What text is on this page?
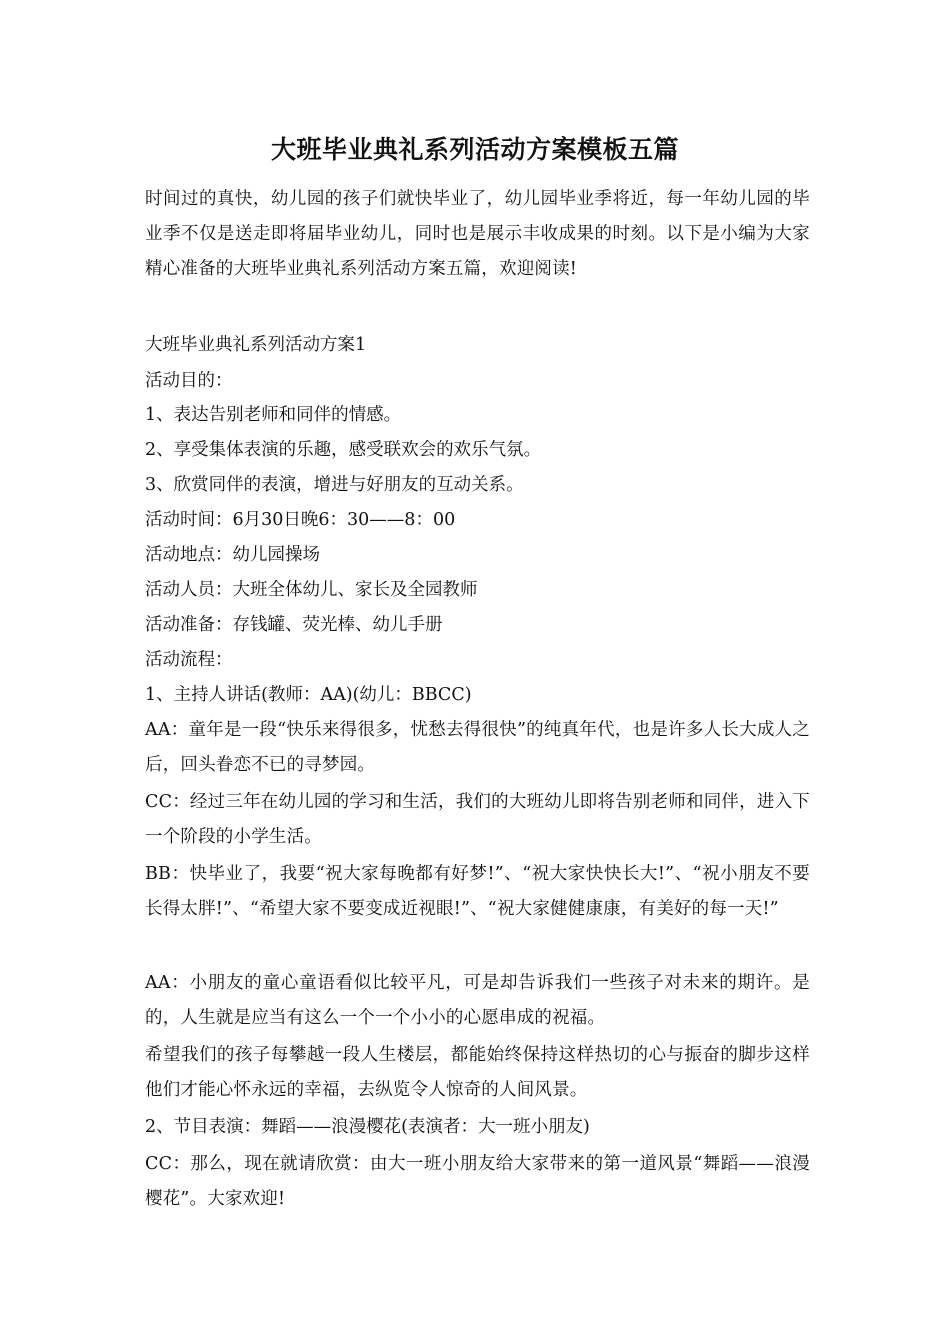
大班毕业典礼系列活动方案模板五篇

时间过的真快，幼儿园的孩子们就快毕业了，幼儿园毕业季将近，每一年幼儿园的毕业季不仅是送走即将届毕业幼儿，同时也是展示丰收成果的时刻。以下是小编为大家精心准备的大班毕业典礼系列活动方案五篇，欢迎阅读!

大班毕业典礼系列活动方案1

活动目的：

1、表达告别老师和同伴的情感。

2、享受集体表演的乐趣，感受联欢会的欢乐气氛。

3、欣赏同伴的表演，增进与好朋友的互动关系。

活动时间：6月30日晚6：30——8：00

活动地点：幼儿园操场

活动人员：大班全体幼儿、家长及全园教师

活动准备：存钱罐、荧光棒、幼儿手册

活动流程：

1、主持人讲话(教师：AA)(幼儿：BBCC)

AA：童年是一段“快乐来得很多，忧愁去得很快”的纯真年代，也是许多人长大成人之后，回头眷恋不已的寻梦园。

CC：经过三年在幼儿园的学习和生活，我们的大班幼儿即将告别老师和同伴，进入下一个阶段的小学生活。

BB：快毕业了，我要“祝大家每晚都有好梦!”、“祝大家快快长大!”、“祝小朋友不要长得太胖!”、“希望大家不要变成近视眼!”、“祝大家健健康康，有美好的每一天!”

AA：小朋友的童心童语看似比较平凡，可是却告诉我们一些孩子对未来的期许。是的，人生就是应当有这么一个一个小小的心愿串成的祝福。

希望我们的孩子每攀越一段人生楼层，都能始终保持这样热切的心与振奋的脚步这样他们才能心怀永远的幸福，去纵览令人惊奇的人间风景。

2、节目表演：舞蹈——浪漫樱花(表演者：大一班小朋友)

CC：那么，现在就请欣赏：由大一班小朋友给大家带来的第一道风景“舞蹈——浪漫樱花”。大家欢迎!
